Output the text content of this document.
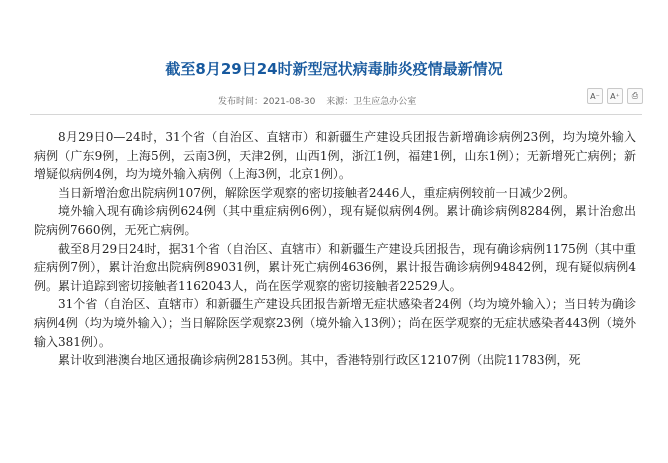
截至8月29日24时新型冠状病毒肺炎疫情最新情况
发布时间：2021-08-30 来源：卫生应急办公室
A⁻	A⁺	⎙

8月29日0—24时，31个省（自治区、直辖市）和新疆生产建设兵团报告新增确诊病例23例，均为境外输入病例（广东9例，上海5例，云南3例，天津2例，山西1例，浙江1例，福建1例，山东1例）；无新增死亡病例；新增疑似病例4例，均为境外输入病例（上海3例，北京1例）。

当日新增治愈出院病例107例，解除医学观察的密切接触者2446人，重症病例较前一日减少2例。

境外输入现有确诊病例624例（其中重症病例6例），现有疑似病例4例。累计确诊病例8284例，累计治愈出院病例7660例，无死亡病例。

截至8月29日24时，据31个省（自治区、直辖市）和新疆生产建设兵团报告，现有确诊病例1175例（其中重症病例7例），累计治愈出院病例89031例，累计死亡病例4636例，累计报告确诊病例94842例，现有疑似病例4例。累计追踪到密切接触者1162043人，尚在医学观察的密切接触者22529人。

31个省（自治区、直辖市）和新疆生产建设兵团报告新增无症状感染者24例（均为境外输入）；当日转为确诊病例4例（均为境外输入）；当日解除医学观察23例（境外输入13例）；尚在医学观察的无症状感染者443例（境外输入381例）。

累计收到港澳台地区通报确诊病例28153例。其中，香港特别行政区12107例（出院11783例，死
